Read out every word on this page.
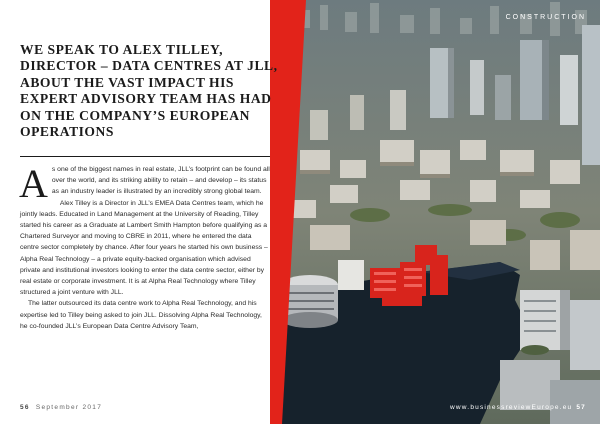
CONSTRUCTION
WE SPEAK TO ALEX TILLEY, DIRECTOR – DATA CENTRES AT JLL, ABOUT THE VAST IMPACT HIS EXPERT ADVISORY TEAM HAS HAD ON THE COMPANY’S EUROPEAN OPERATIONS
A s one of the biggest names in real estate, JLL’s footprint can be found all over the world, and its striking ability to retain – and develop – its status as an industry leader is illustrated by an incredibly strong global team.

Alex Tilley is a Director in JLL’s EMEA Data Centres team, which he jointly leads. Educated in Land Management at the University of Reading, Tilley started his career as a Graduate at Lambert Smith Hampton before qualifying as a Chartered Surveyor and moving to CBRE in 2011, where he entered the data centre sector completely by chance. After four years he started his own business – Alpha Real Technology – a private equity-backed organisation which advised private and institutional investors looking to enter the data centre sector, either by real estate or corporate investment. It is at Alpha Real Technology where Tilley structured a joint venture with JLL.

The latter outsourced its data centre work to Alpha Real Technology, and his expertise led to Tilley being asked to join JLL. Dissolving Alpha Real Technology, he co-founded JLL’s European Data Centre Advisory Team,

56 September 2017	www.businessreviewEurope.eu 57
